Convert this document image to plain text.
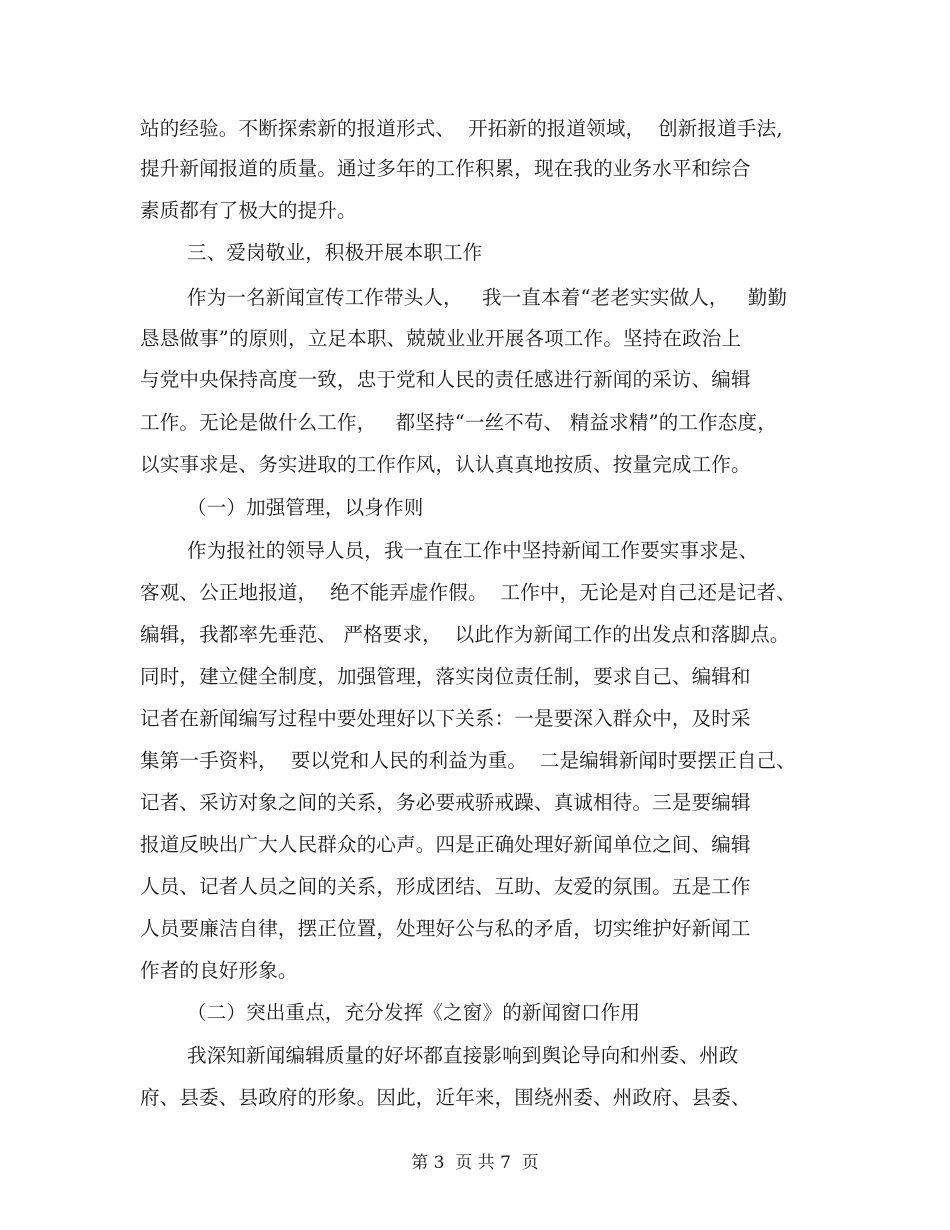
站的经验。不断探索新的报道形式、  开拓新的报道领域，  创新报道手法,
提升新闻报道的质量。通过多年的工作积累，现在我的业务水平和综合
素质都有了极大的提升。
三、爱岗敬业，积极开展本职工作
作为一名新闻宣传工作带头人，   我一直本着“老老实实做人，   勤勤
恳恳做事”的原则，立足本职、兢兢业业开展各项工作。坚持在政治上
与党中央保持高度一致，忠于党和人民的责任感进行新闻的采访、编辑
工作。无论是做什么工作，   都坚持“一丝不苟、 精益求精”的工作态度，
以实事求是、务实进取的工作作风，认认真真地按质、按量完成工作。
（一）加强管理，以身作则
作为报社的领导人员，我一直在工作中坚持新闻工作要实事求是、
客观、公正地报道，  绝不能弄虚作假。  工作中，无论是对自己还是记者、
编辑，我都率先垂范、 严格要求，  以此作为新闻工作的出发点和落脚点。
同时，建立健全制度，加强管理，落实岗位责任制，要求自己、编辑和
记者在新闻编写过程中要处理好以下关系：一是要深入群众中，及时采
集第一手资料，  要以党和人民的利益为重。  二是编辑新闻时要摆正自己、
记者、采访对象之间的关系，务必要戒骄戒躁、真诚相待。三是要编辑
报道反映出广大人民群众的心声。四是正确处理好新闻单位之间、编辑
人员、记者人员之间的关系，形成团结、互助、友爱的氛围。五是工作
人员要廉洁自律，摆正位置，处理好公与私的矛盾，切实维护好新闻工
作者的良好形象。
（二）突出重点，充分发挥《之窗》的新闻窗口作用
我深知新闻编辑质量的好坏都直接影响到舆论导向和州委、州政
府、县委、县政府的形象。因此，近年来，围绕州委、州政府、县委、
第 3  页 共 7  页
